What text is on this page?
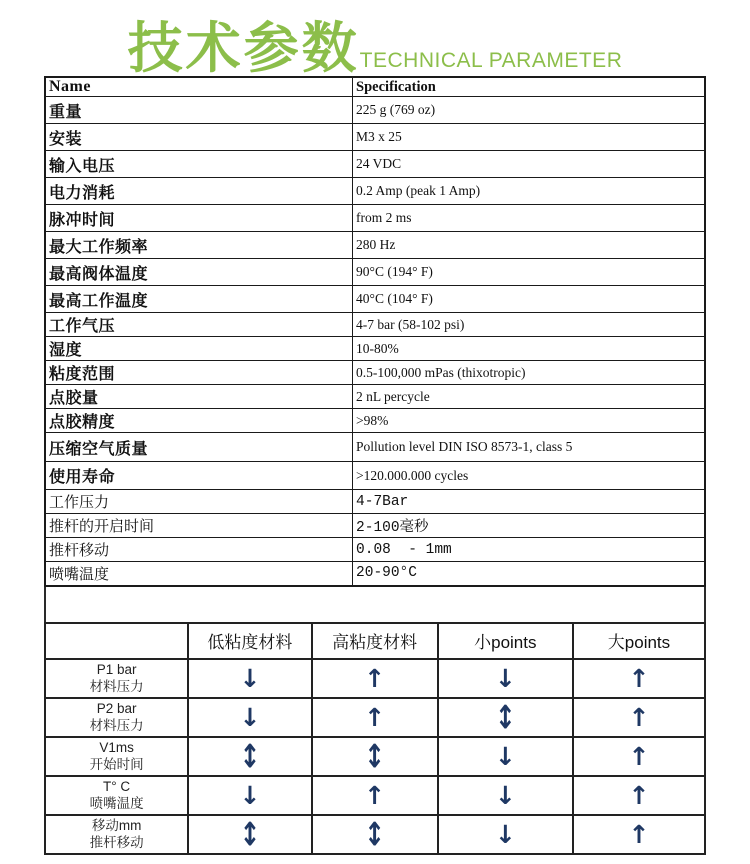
技术参数 TECHNICAL PARAMETER
Name	Specification
重量	225 g (769 oz)
安装	M3 x 25
输入电压	24 VDC
电力消耗	0.2 Amp (peak 1 Amp)
脉冲时间	from 2 ms
最大工作频率	280 Hz
最高阀体温度	90°C (194° F)
最高工作温度	40°C (104° F)
工作气压	4-7 bar (58-102 psi)
湿度	10-80%
粘度范围	0.5-100,000 mPas (thixotropic)
点胶量	2 nL percycle
点胶精度	>98%
压缩空气质量	Pollution level DIN ISO 8573-1, class 5
使用寿命	>120.000.000 cycles
工作压力	4-7Bar
推杆的开启时间	2-100毫秒
推杆移动	0.08  - 1mm
喷嘴温度	20-90°C
	低粘度材料	高粘度材料	小points	大points

P1 bar
材料压力	↓	↑	↓	↑

P2 bar
材料压力	↓	↑	↕	↑

V1ms
开始时间	↕	↕	↓	↑

T° C
喷嘴温度	↓	↑	↓	↑

移动mm
推杆移动	↕	↕	↓	↑
